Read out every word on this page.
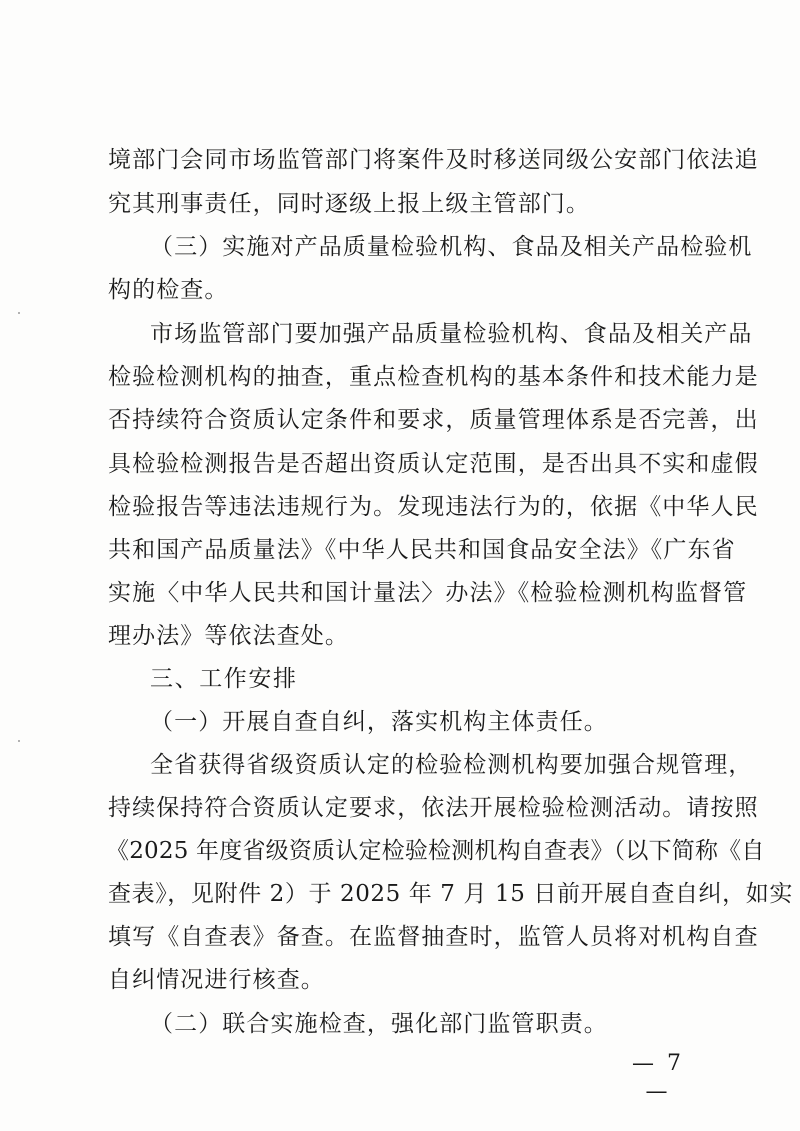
境部门会同市场监管部门将案件及时移送同级公安部门依法追
究其刑事责任，同时逐级上报上级主管部门。
（三）实施对产品质量检验机构、食品及相关产品检验机
构的检查。
市场监管部门要加强产品质量检验机构、食品及相关产品
检验检测机构的抽查，重点检查机构的基本条件和技术能力是
否持续符合资质认定条件和要求，质量管理体系是否完善，出
具检验检测报告是否超出资质认定范围，是否出具不实和虚假
检验报告等违法违规行为。发现违法行为的，依据《中华人民
共和国产品质量法》《中华人民共和国食品安全法》《广东省
实施〈中华人民共和国计量法〉办法》《检验检测机构监督管
理办法》等依法查处。
三、工作安排
（一）开展自查自纠，落实机构主体责任。
全省获得省级资质认定的检验检测机构要加强合规管理，
持续保持符合资质认定要求，依法开展检验检测活动。请按照
《2025 年度省级资质认定检验检测机构自查表》（以下简称《自
查表》，见附件 2）于 2025 年 7 月 15 日前开展自查自纠，如实
填写《自查表》备查。在监督抽查时，监管人员将对机构自查
自纠情况进行核查。
（二）联合实施检查，强化部门监管职责。
— 7 —
